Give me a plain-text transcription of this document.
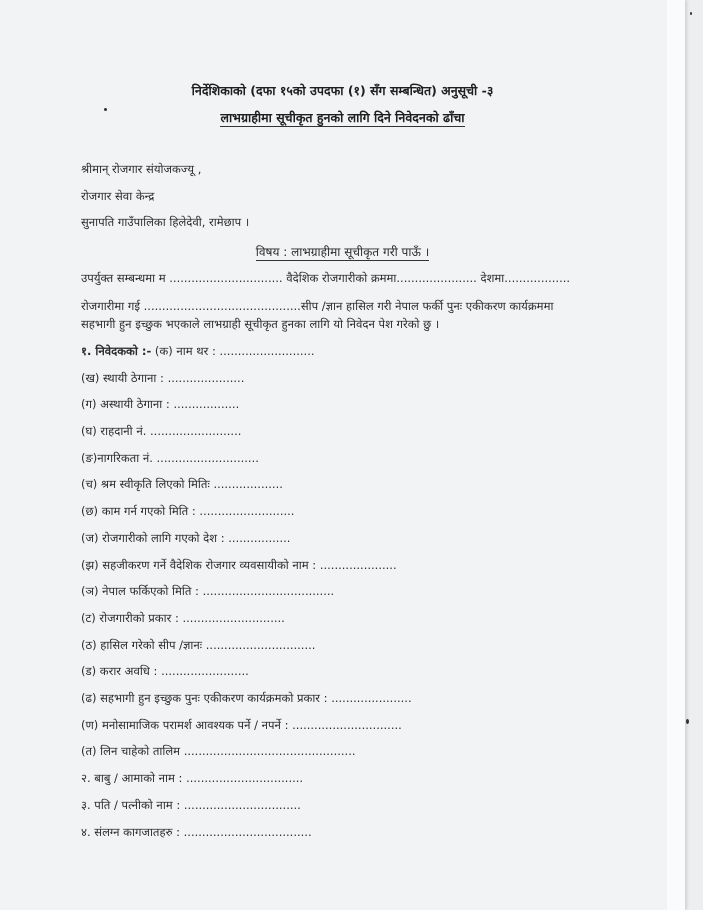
निर्देशिकाको (दफा १५को उपदफा (१) सँग सम्बन्धित) अनुसूची -३
लाभग्राहीमा सूचीकृत हुनको लागि दिने निवेदनको ढाँचा
श्रीमान् रोजगार संयोजकज्यू ,
रोजगार सेवा केन्द्र
सुनापति गाउँपालिका हिलेदेवी, रामेछाप ।
विषय : लाभग्राहीमा सूचीकृत गरी पाऊँ ।
उपर्युक्त सम्बन्धमा म ............................... वैदेशिक रोजगारीको क्रममा...................... देशमा..................
रोजगारीमा गई ...........................................सीप /ज्ञान हासिल गरी नेपाल फर्की पुनः एकीकरण कार्यक्रममा
सहभागी हुन इच्छुक भएकाले लाभग्राही सूचीकृत हुनका लागि यो निवेदन पेश गरेको छु ।
१. निवेदकको :- (क) नाम थर : ..........................
(ख) स्थायी ठेगाना : .....................
(ग) अस्थायी ठेगाना : ..................
(घ) राहदानी नं. .........................
(ङ)नागरिकता नं. ............................
(च) श्रम स्वीकृति लिएको मितिः ...................
(छ) काम गर्न गएको मिति : ..........................
(ज) रोजगारीको लागि गएको देश : .................
(झ) सहजीकरण गर्ने वैदेशिक रोजगार व्यवसायीको नाम : .....................
(ञ) नेपाल फर्किएको मिति : ....................................
(ट) रोजगारीको प्रकार : ............................
(ठ) हासिल गरेको सीप /ज्ञानः ..............................
(ड) करार अवधि : ........................
(ढ) सहभागी हुन इच्छुक पुनः एकीकरण कार्यक्रमको प्रकार : ......................
(ण) मनोसामाजिक परामर्श आवश्यक पर्ने / नपर्ने : ..............................
(त) लिन चाहेको तालिम ...............................................
२. बाबु / आमाको नाम : ................................
३. पति / पत्नीको नाम : ................................
४. संलग्न कागजातहरु : ...................................
